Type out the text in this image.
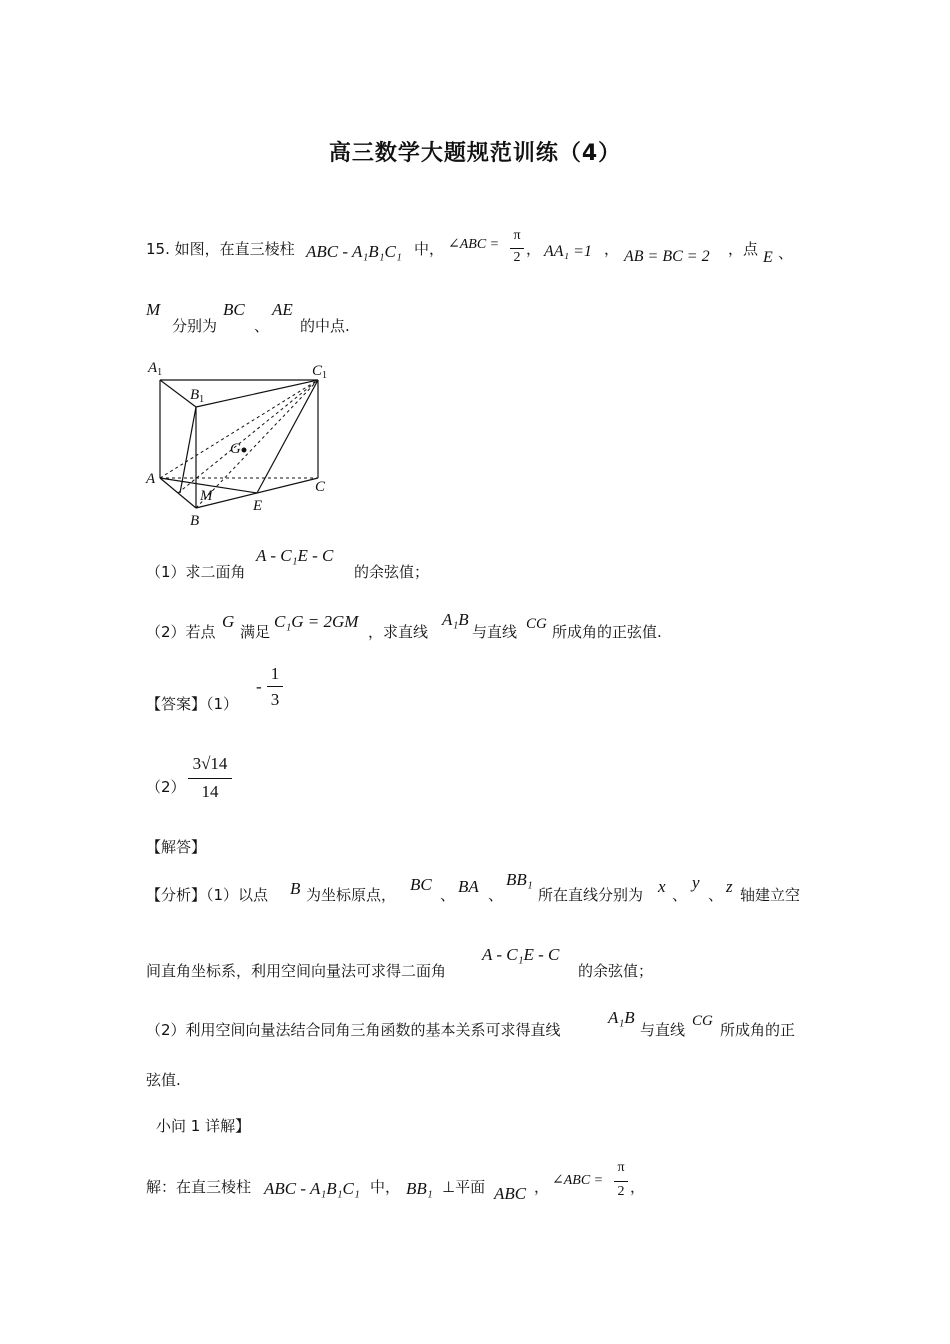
高三数学大题规范训练（4）
15. 如图，在直三棱柱 ABC - A₁B₁C₁ 中， ∠ABC =
π
2 ， AA₁ =1 ， AB = BC = 2 ，点 E 、
M
分别为
BC
、
AE
的中点.
$A_1$	$C_1$
$B_1$
G
A
M
C
B
E
（1）求二面角
A - C₁E - C
的余弦值；
（2）若点
G
满足
C₁G = 2GM
，求直线
A₁B
与直线 CG 所成角的正弦值.
【答案】（1）
-
1
3
（2）
3√14
14
【解答】
【分析】（1）以点 B 为坐标原点，
BC
、 BA 、
BB₁
所在直线分别为 x 、
y
、 z 轴建立空
间直角坐标系，利用空间向量法可求得二面角
A - C₁E - C
的余弦值；
（2）利用空间向量法结合同角三角函数的基本关系可求得直线
A₁B
与直线 CG 所成角的正
弦值.
小问 1 详解】
解：在直三棱柱 ABC - A₁B₁C₁ 中， BB₁ ⊥平面 ABC ， ∠ABC =
π
2 ，
